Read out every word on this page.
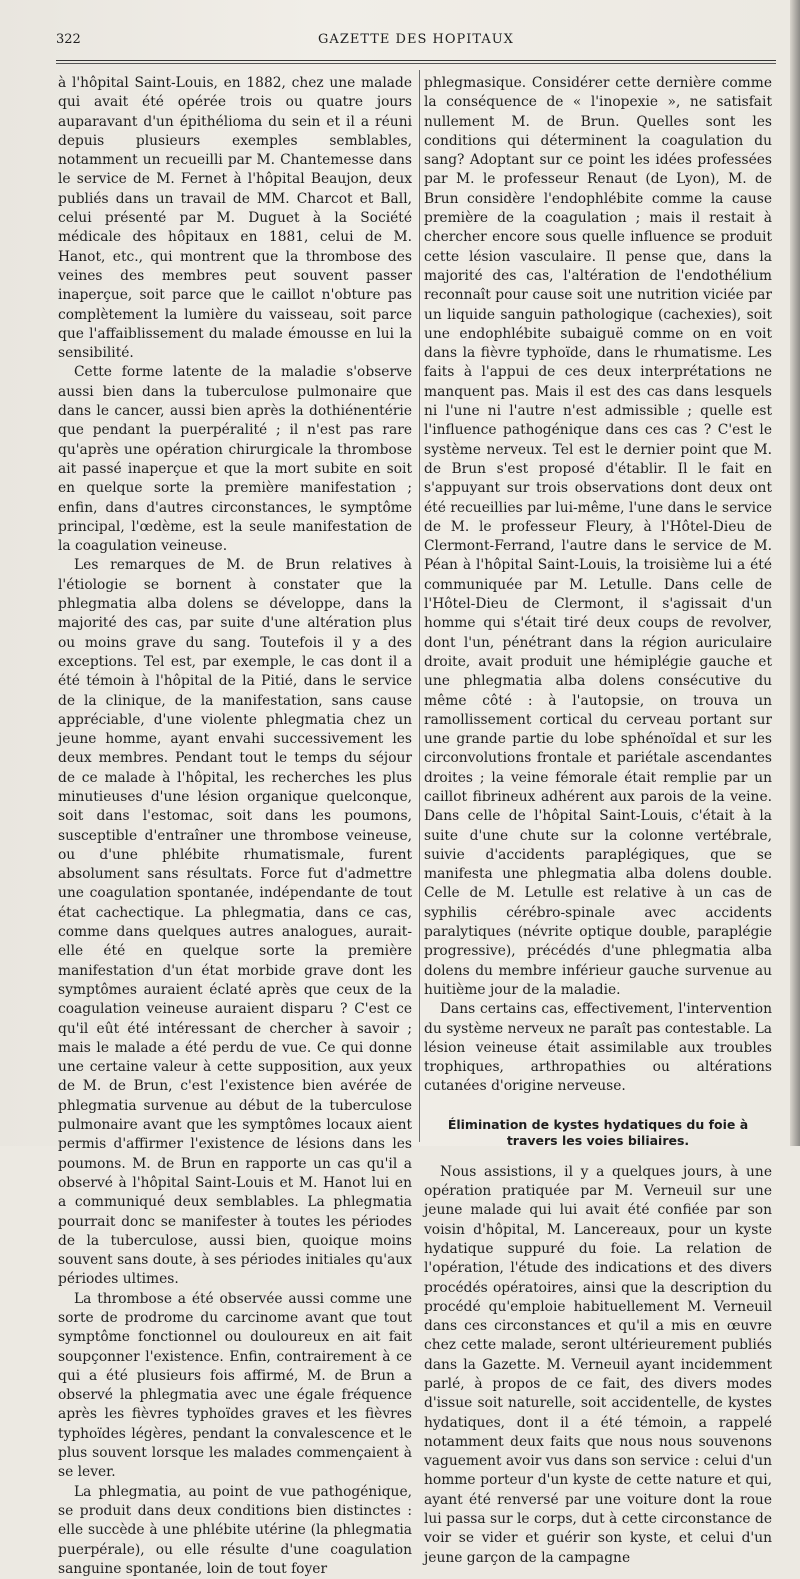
322	GAZETTE DES HOPITAUX

à l'hôpital Saint-Louis, en 1882, chez une malade qui avait été opérée trois ou quatre jours auparavant d'un épithélioma du sein et il a réuni depuis plusieurs exemples semblables, notamment un recueilli par M. Chantemesse dans le service de M. Fernet à l'hôpital Beaujon, deux publiés dans un travail de MM. Charcot et Ball, celui présenté par M. Duguet à la Société médicale des hôpitaux en 1881, celui de M. Hanot, etc., qui montrent que la thrombose des veines des membres peut souvent passer inaperçue, soit parce que le caillot n'obture pas complètement la lumière du vaisseau, soit parce que l'affaiblissement du malade émousse en lui la sensibilité.

Cette forme latente de la maladie s'observe aussi bien dans la tuberculose pulmonaire que dans le cancer, aussi bien après la dothiénentérie que pendant la puerpéralité ; il n'est pas rare qu'après une opération chirurgicale la thrombose ait passé inaperçue et que la mort subite en soit en quelque sorte la première manifestation ; enfin, dans d'autres circonstances, le symptôme principal, l'œdème, est la seule manifestation de la coagulation veineuse.

Les remarques de M. de Brun relatives à l'étiologie se bornent à constater que la phlegmatia alba dolens se développe, dans la majorité des cas, par suite d'une altération plus ou moins grave du sang. Toutefois il y a des exceptions. Tel est, par exemple, le cas dont il a été témoin à l'hôpital de la Pitié, dans le service de la clinique, de la manifestation, sans cause appréciable, d'une violente phlegmatia chez un jeune homme, ayant envahi successivement les deux membres. Pendant tout le temps du séjour de ce malade à l'hôpital, les recherches les plus minutieuses d'une lésion organique quelconque, soit dans l'estomac, soit dans les poumons, susceptible d'entraîner une thrombose veineuse, ou d'une phlébite rhumatismale, furent absolument sans résultats. Force fut d'admettre une coagulation spontanée, indépendante de tout état cachectique. La phlegmatia, dans ce cas, comme dans quelques autres analogues, aurait-elle été en quelque sorte la première manifestation d'un état morbide grave dont les symptômes auraient éclaté après que ceux de la coagulation veineuse auraient disparu ? C'est ce qu'il eût été intéressant de chercher à savoir ; mais le malade a été perdu de vue. Ce qui donne une certaine valeur à cette supposition, aux yeux de M. de Brun, c'est l'existence bien avérée de phlegmatia survenue au début de la tuberculose pulmonaire avant que les symptômes locaux aient permis d'affirmer l'existence de lésions dans les poumons. M. de Brun en rapporte un cas qu'il a observé à l'hôpital Saint-Louis et M. Hanot lui en a communiqué deux semblables. La phlegmatia pourrait donc se manifester à toutes les périodes de la tuberculose, aussi bien, quoique moins souvent sans doute, à ses périodes initiales qu'aux périodes ultimes.

La thrombose a été observée aussi comme une sorte de prodrome du carcinome avant que tout symptôme fonctionnel ou douloureux en ait fait soupçonner l'existence. Enfin, contrairement à ce qui a été plusieurs fois affirmé, M. de Brun a observé la phlegmatia avec une égale fréquence après les fièvres typhoïdes graves et les fièvres typhoïdes légères, pendant la convalescence et le plus souvent lorsque les malades commençaient à se lever.

La phlegmatia, au point de vue pathogénique, se produit dans deux conditions bien distinctes : elle succède à une phlébite utérine (la phlegmatia puerpérale), ou elle résulte d'une coagulation sanguine spontanée, loin de tout foyer

phlegmasique. Considérer cette dernière comme la conséquence de « l'inopexie », ne satisfait nullement M. de Brun. Quelles sont les conditions qui déterminent la coagulation du sang? Adoptant sur ce point les idées professées par M. le professeur Renaut (de Lyon), M. de Brun considère l'endophlébite comme la cause première de la coagulation ; mais il restait à chercher encore sous quelle influence se produit cette lésion vasculaire. Il pense que, dans la majorité des cas, l'altération de l'endothélium reconnaît pour cause soit une nutrition viciée par un liquide sanguin pathologique (cachexies), soit une endophlébite subaiguë comme on en voit dans la fièvre typhoïde, dans le rhumatisme. Les faits à l'appui de ces deux interprétations ne manquent pas. Mais il est des cas dans lesquels ni l'une ni l'autre n'est admissible ; quelle est l'influence pathogénique dans ces cas ? C'est le système nerveux. Tel est le dernier point que M. de Brun s'est proposé d'établir. Il le fait en s'appuyant sur trois observations dont deux ont été recueillies par lui-même, l'une dans le service de M. le professeur Fleury, à l'Hôtel-Dieu de Clermont-Ferrand, l'autre dans le service de M. Péan à l'hôpital Saint-Louis, la troisième lui a été communiquée par M. Letulle. Dans celle de l'Hôtel-Dieu de Clermont, il s'agissait d'un homme qui s'était tiré deux coups de revolver, dont l'un, pénétrant dans la région auriculaire droite, avait produit une hémiplégie gauche et une phlegmatia alba dolens consécutive du même côté : à l'autopsie, on trouva un ramollissement cortical du cerveau portant sur une grande partie du lobe sphénoïdal et sur les circonvolutions frontale et pariétale ascendantes droites ; la veine fémorale était remplie par un caillot fibrineux adhérent aux parois de la veine. Dans celle de l'hôpital Saint-Louis, c'était à la suite d'une chute sur la colonne vertébrale, suivie d'accidents paraplégiques, que se manifesta une phlegmatia alba dolens double. Celle de M. Letulle est relative à un cas de syphilis cérébro-spinale avec accidents paralytiques (névrite optique double, paraplégie progressive), précédés d'une phlegmatia alba dolens du membre inférieur gauche survenue au huitième jour de la maladie.

Dans certains cas, effectivement, l'intervention du système nerveux ne paraît pas contestable. La lésion veineuse était assimilable aux troubles trophiques, arthropathies ou altérations cutanées d'origine nerveuse.

Élimination de kystes hydatiques du foie à travers les voies biliaires.

Nous assistions, il y a quelques jours, à une opération pratiquée par M. Verneuil sur une jeune malade qui lui avait été confiée par son voisin d'hôpital, M. Lancereaux, pour un kyste hydatique suppuré du foie. La relation de l'opération, l'étude des indications et des divers procédés opératoires, ainsi que la description du procédé qu'emploie habituellement M. Verneuil dans ces circonstances et qu'il a mis en œuvre chez cette malade, seront ultérieurement publiés dans la Gazette. M. Verneuil ayant incidemment parlé, à propos de ce fait, des divers modes d'issue soit naturelle, soit accidentelle, de kystes hydatiques, dont il a été témoin, a rappelé notamment deux faits que nous nous souvenons vaguement avoir vus dans son service : celui d'un homme porteur d'un kyste de cette nature et qui, ayant été renversé par une voiture dont la roue lui passa sur le corps, dut à cette circonstance de voir se vider et guérir son kyste, et celui d'un jeune garçon de la campagne
